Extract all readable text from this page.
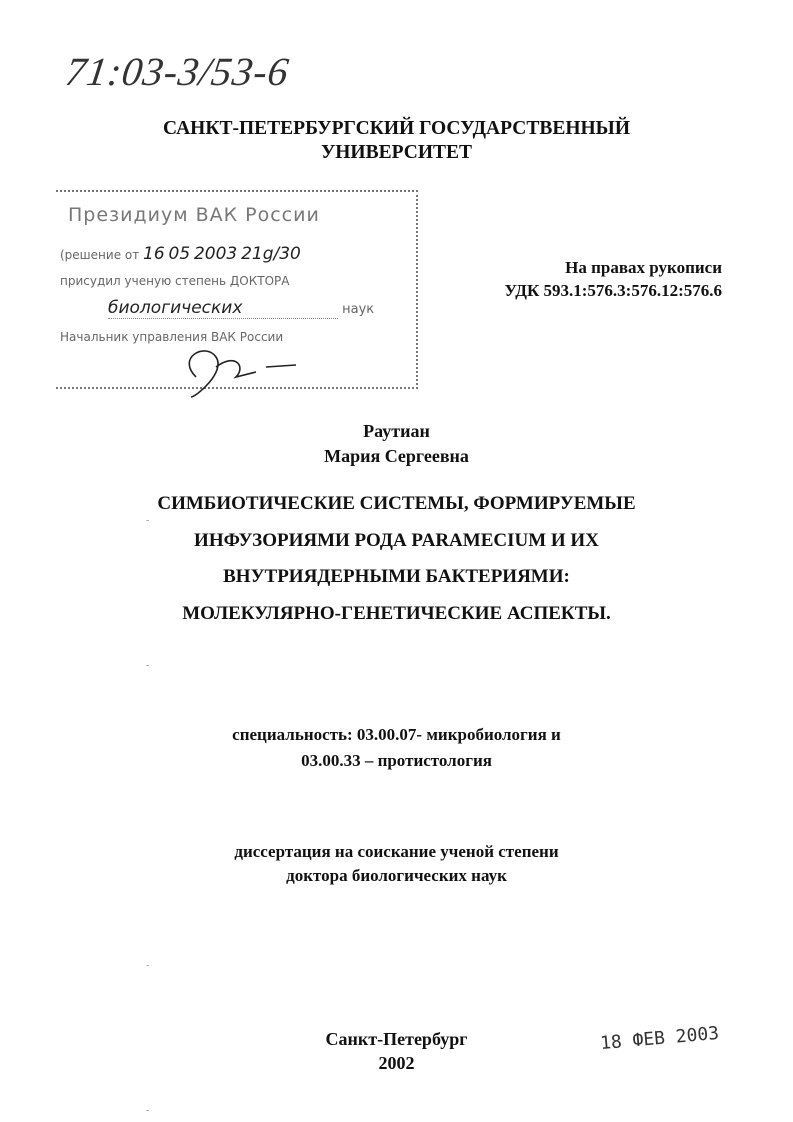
71:03-3/53-6
САНКТ-ПЕТЕРБУРГСКИЙ ГОСУДАРСТВЕННЫЙ
УНИВЕРСИТЕТ
Президиум ВАК России
(решение от 16 05 2003 21g/30
присудил ученую степень ДОКТОРА
биологических	наук
Начальник управления ВАК России
На правах рукописи
УДК 593.1:576.3:576.12:576.6
Раутиан
Мария Сергеевна
СИМБИОТИЧЕСКИЕ СИСТЕМЫ, ФОРМИРУЕМЫЕ
ИНФУЗОРИЯМИ РОДА PARAMECIUM И ИХ
ВНУТРИЯДЕРНЫМИ БАКТЕРИЯМИ:
МОЛЕКУЛЯРНО-ГЕНЕТИЧЕСКИЕ АСПЕКТЫ.
специальность: 03.00.07- микробиология и
03.00.33 – протистология
диссертация на соискание ученой степени
доктора биологических наук
Санкт-Петербург
2002
18 ФЕВ 2003
-
-
-
-
